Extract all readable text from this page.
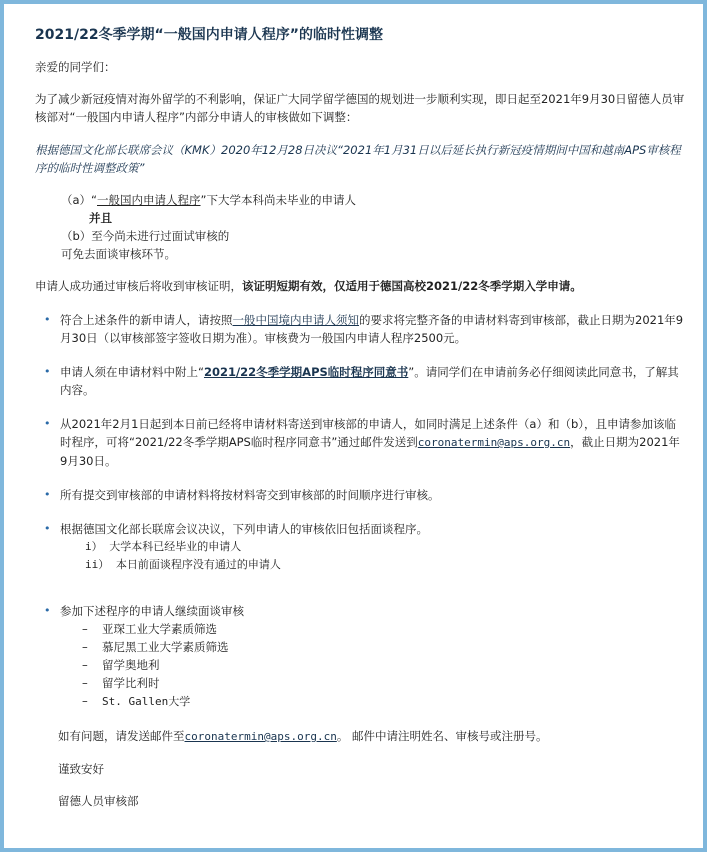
2021/22冬季学期“一般国内申请人程序”的临时性调整

亲爱的同学们：

为了减少新冠疫情对海外留学的不利影响，保证广大同学留学德国的规划进一步顺利实现，即日起至2021年9月30日留德人员审核部对“一般国内申请人程序”内部分申请人的审核做如下调整：

根据德国文化部长联席会议（KMK）2020年12月28日决议“2021年1月31日以后延长执行新冠疫情期间中国和越南APS审核程序的临时性调整政策”

（a）“一般国内申请人程序”下大学本科尚未毕业的申请人
并且
（b）至今尚未进行过面试审核的
可免去面谈审核环节。

申请人成功通过审核后将收到审核证明，该证明短期有效，仅适用于德国高校2021/22冬季学期入学申请。

• 符合上述条件的新申请人，请按照一般中国境内申请人须知的要求将完整齐备的申请材料寄到审核部，截止日期为2021年9月30日（以审核部签字签收日期为准）。审核费为一般国内申请人程序2500元。
• 申请人须在申请材料中附上“2021/22冬季学期APS临时程序同意书”。请同学们在申请前务必仔细阅读此同意书，了解其内容。
• 从2021年2月1日起到本日前已经将申请材料寄送到审核部的申请人，如同时满足上述条件（a）和（b），且申请参加该临时程序，可将“2021/22冬季学期APS临时程序同意书”通过邮件发送到coronatermin@aps.org.cn，截止日期为2021年9月30日。
• 所有提交到审核部的申请材料将按材料寄交到审核部的时间顺序进行审核。
• 根据德国文化部长联席会议决议，下列申请人的审核依旧包括面谈程序。
i） 大学本科已经毕业的申请人
ii） 本日前面谈程序没有通过的申请人
• 参加下述程序的申请人继续面谈审核
– 亚琛工业大学素质筛选
– 慕尼黑工业大学素质筛选
– 留学奥地利
– 留学比利时
– St. Gallen大学

如有问题，请发送邮件至coronatermin@aps.org.cn。 邮件中请注明姓名、审核号或注册号。

谨致安好

留德人员审核部
